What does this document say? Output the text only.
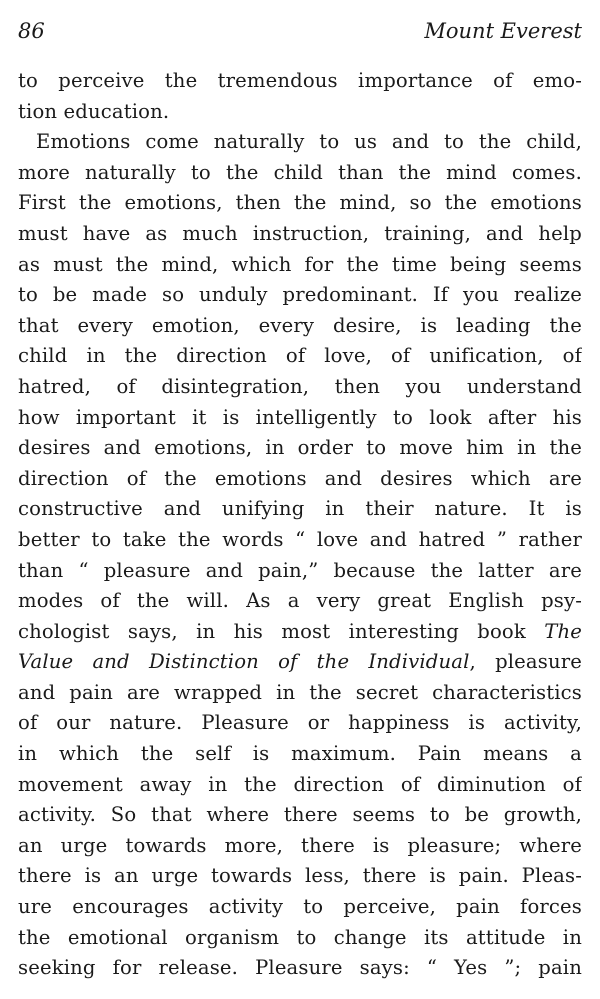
86	Mount Everest
to perceive the tremendous importance of emo-
tion education.
Emotions come naturally to us and to the child,
more naturally to the child than the mind comes.
First the emotions, then the mind, so the emotions
must have as much instruction, training, and help
as must the mind, which for the time being seems
to be made so unduly predominant. If you realize
that every emotion, every desire, is leading the
child in the direction of love, of unification, of
hatred, of disintegration, then you understand
how important it is intelligently to look after his
desires and emotions, in order to move him in the
direction of the emotions and desires which are
constructive and unifying in their nature. It is
better to take the words “ love and hatred ” rather
than “ pleasure and pain,” because the latter are
modes of the will. As a very great English psy-
chologist says, in his most interesting book The
Value and Distinction of the Individual, pleasure
and pain are wrapped in the secret characteristics
of our nature. Pleasure or happiness is activity,
in which the self is maximum. Pain means a
movement away in the direction of diminution of
activity. So that where there seems to be growth,
an urge towards more, there is pleasure; where
there is an urge towards less, there is pain. Pleas-
ure encourages activity to perceive, pain forces
the emotional organism to change its attitude in
seeking for release. Pleasure says: “ Yes ”; pain
